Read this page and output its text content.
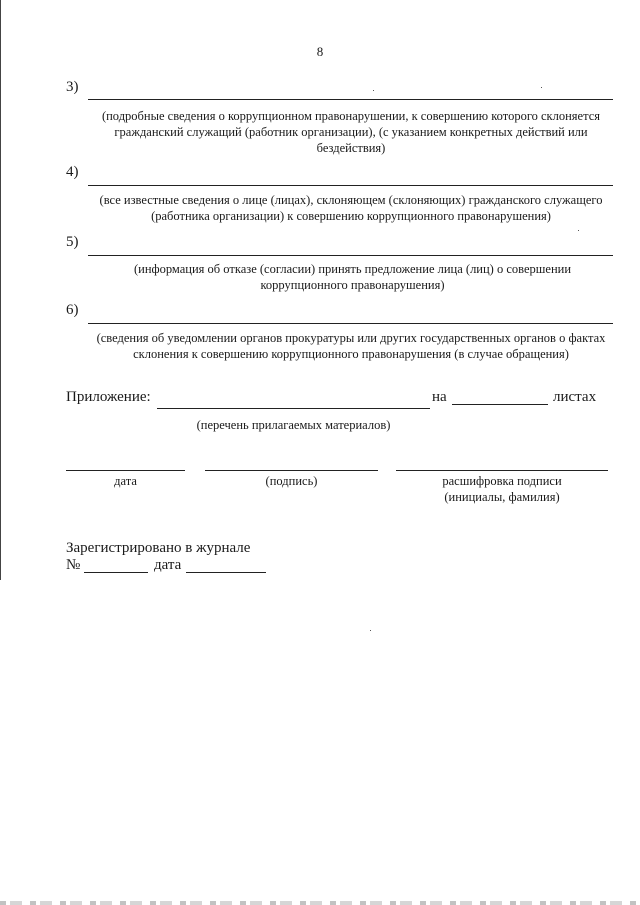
8
3)
(подробные сведения о коррупционном правонарушении, к совершению которого склоняется гражданский служащий (работник организации), (с указанием конкретных действий или бездействия)
4)
(все известные сведения о лице (лицах), склоняющем (склоняющих) гражданского служащего (работника организации) к совершению коррупционного правонарушения)
5)
(информация об отказе (согласии) принять предложение лица (лиц) о совершении коррупционного правонарушения)
6)
(сведения об уведомлении органов прокуратуры или других государственных органов о фактах склонения к совершению коррупционного правонарушения (в случае обращения)
Приложение:	на	листах
(перечень прилагаемых материалов)
дата	(подпись)	расшифровка подписи
(инициалы, фамилия)
Зарегистрировано в журнале
№	дата
